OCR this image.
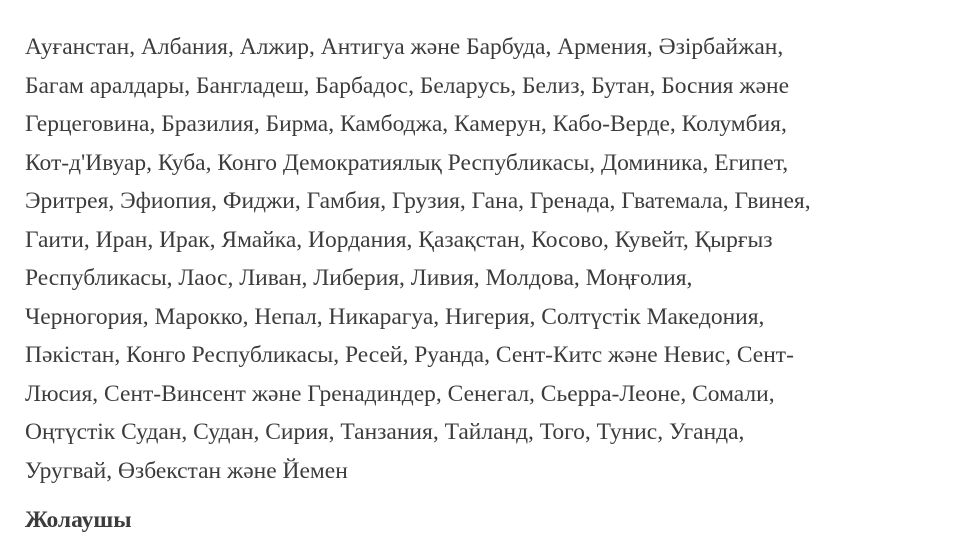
Ауғанстан, Албания, Алжир, Антигуа және Барбуда, Армения, Әзірбайжан,
Багам аралдары, Бангладеш, Барбадос, Беларусь, Белиз, Бутан, Босния және
Герцеговина, Бразилия, Бирма, Камбоджа, Камерун, Кабо-Верде, Колумбия,
Кот-д'Ивуар, Куба, Конго Демократиялық Республикасы, Доминика, Египет,
Эритрея, Эфиопия, Фиджи, Гамбия, Грузия, Гана, Гренада, Гватемала, Гвинея,
Гаити, Иран, Ирак, Ямайка, Иордания, Қазақстан, Косово, Кувейт, Қырғыз
Республикасы, Лаос, Ливан, Либерия, Ливия, Молдова, Моңғолия,
Черногория, Марокко, Непал, Никарагуа, Нигерия, Солтүстік Македония,
Пәкістан, Конго Республикасы, Ресей, Руанда, Сент-Китс және Невис, Сент-
Люсия, Сент-Винсент және Гренадиндер, Сенегал, Сьерра-Леоне, Сомали,
Оңтүстік Судан, Судан, Сирия, Танзания, Тайланд, Того, Тунис, Уганда,
Уругвай, Өзбекстан және Йемен
Жолаушы
